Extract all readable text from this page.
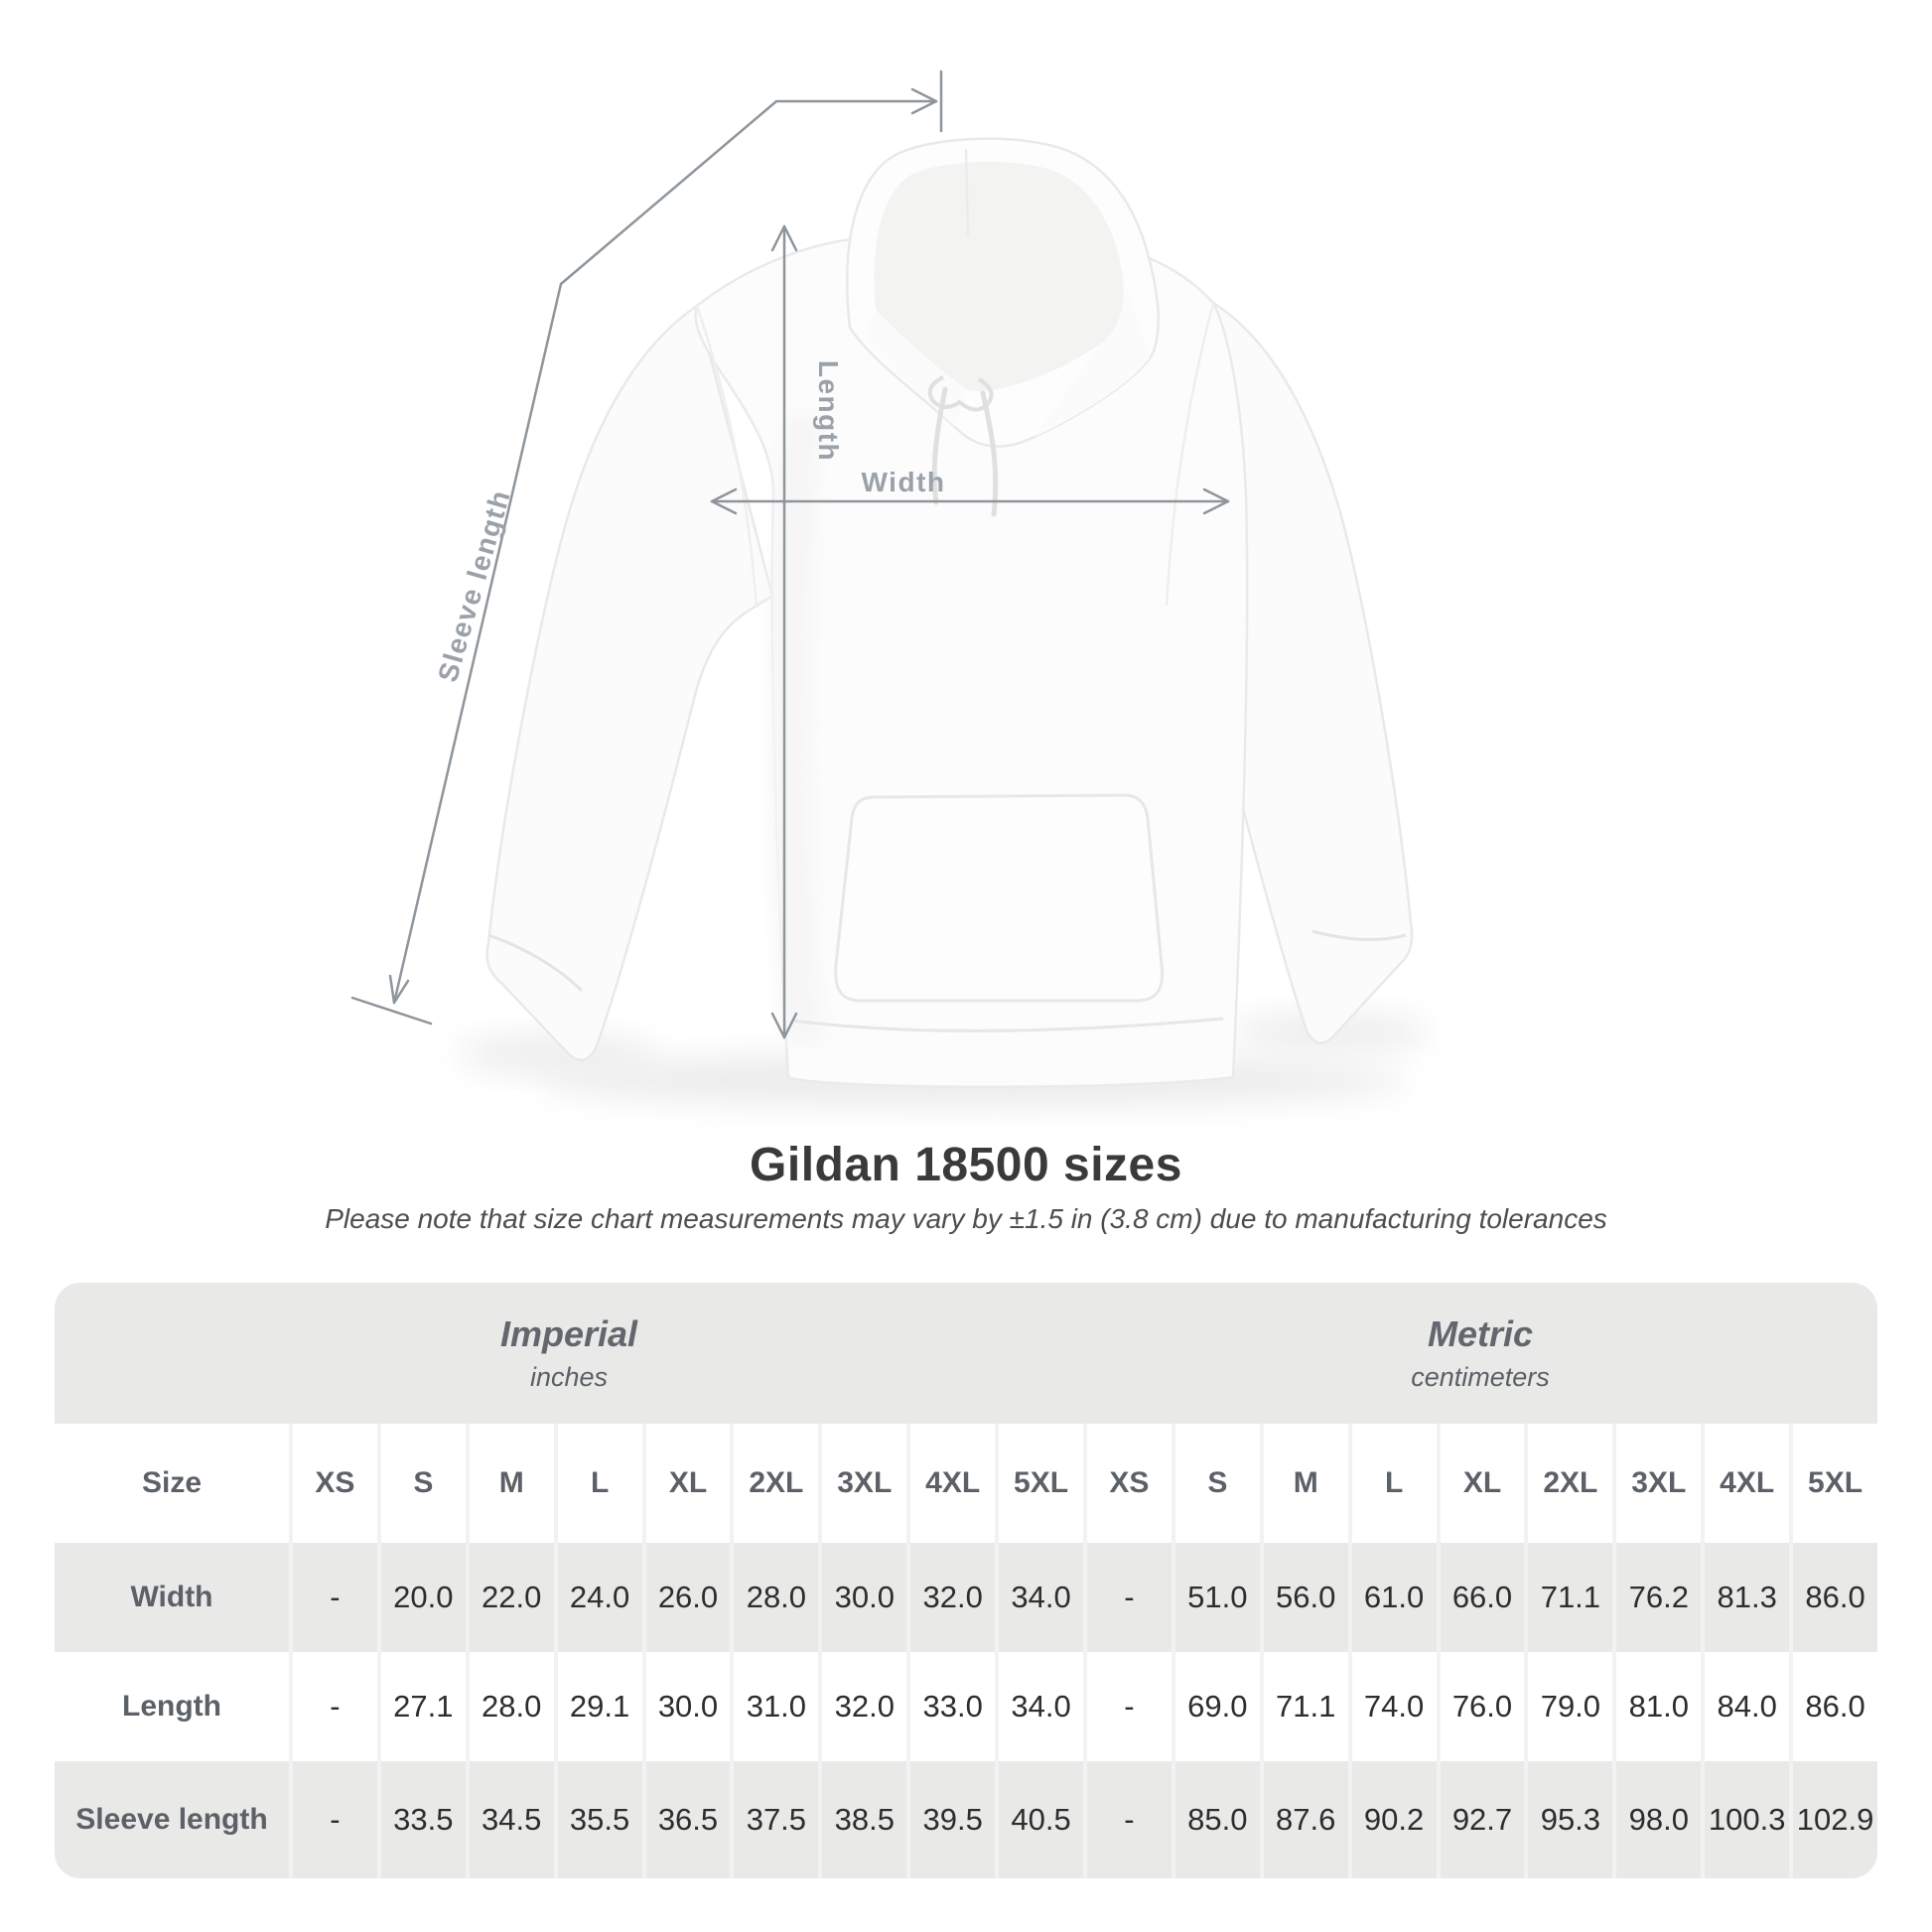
Sleeve length
Length
Width
Gildan 18500 sizes
Please note that size chart measurements may vary by ±1.5 in (3.8 cm) due to manufacturing tolerances
Imperial
inches
Metric
centimeters
Size	XS	S	M	L	XL	2XL	3XL	4XL	5XL	XS	S	M	L	XL	2XL	3XL	4XL	5XL
Width	-	20.0 22.0 24.0 26.0 28.0 30.0 32.0 34.0	-	51.0 56.0 61.0 66.0 71.1 76.2 81.3 86.0
Length	-	27.1 28.0 29.1 30.0 31.0 32.0 33.0 34.0	-	69.0 71.1 74.0 76.0 79.0 81.0 84.0 86.0
Sleeve length	-	33.5 34.5 35.5 36.5 37.5 38.5 39.5 40.5	-	85.0 87.6 90.2 92.7 95.3 98.0 100.3 102.9
